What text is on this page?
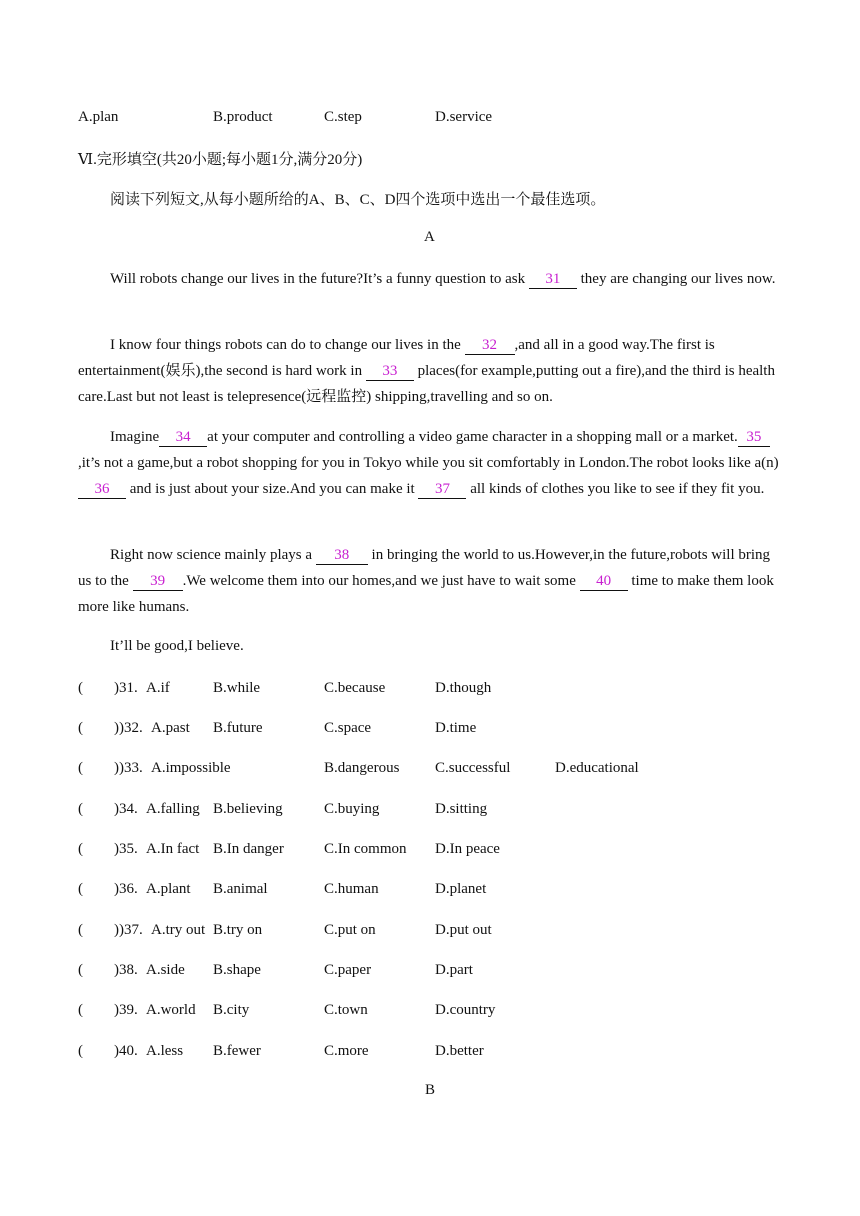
A.plan	B.product	C.step	D.service
Ⅵ.完形填空(共20小题;每小题1分,满分20分)
阅读下列短文,从每小题所给的A、B、C、D四个选项中选出一个最佳选项。
A
Will robots change our lives in the future?It’s a funny question to ask 31 they are changing our lives now.
I know four things robots can do to change our lives in the 32 ,and all in a good way.The first is entertainment(娱乐),the second is hard work in 33 places(for example,putting out a fire),and the third is health care.Last but not least is telepresence(远程监控) shipping,travelling and so on.
Imagine 34 at your computer and controlling a video game character in a shopping mall or a market. 35,it’s not a game,but a robot shopping for you in Tokyo while you sit comfortably in London.The robot looks like a(n)36 and is just about your size.And you can make it 37 all kinds of clothes you like to see if they fit you.
Right now science mainly plays a 38 in bringing the world to us.However,in the future,robots will bring us to the 39 .We welcome them into our homes,and we just have to wait some 40 time to make them look more like humans.
It’ll be good,I believe.
( )31. A.if	B.while	C.because	D.though
( ))32. A.past B.future	C.space	D.time
( ))33. A.impossible	B.dangerous C.successful	D.educational
( )34. A.falling B.believing	C.buying	D.sitting
( )35. A.In fact B.In danger	C.In common D.In peace
( )36. A.plant B.animal	C.human	D.planet
( ))37. A.try out B.try on	C.put on	D.put out
( )38. A.side B.shape	C.paper	D.part
( )39. A.world B.city	C.town	D.country
( )40. A.less B.fewer	C.more	D.better
B
